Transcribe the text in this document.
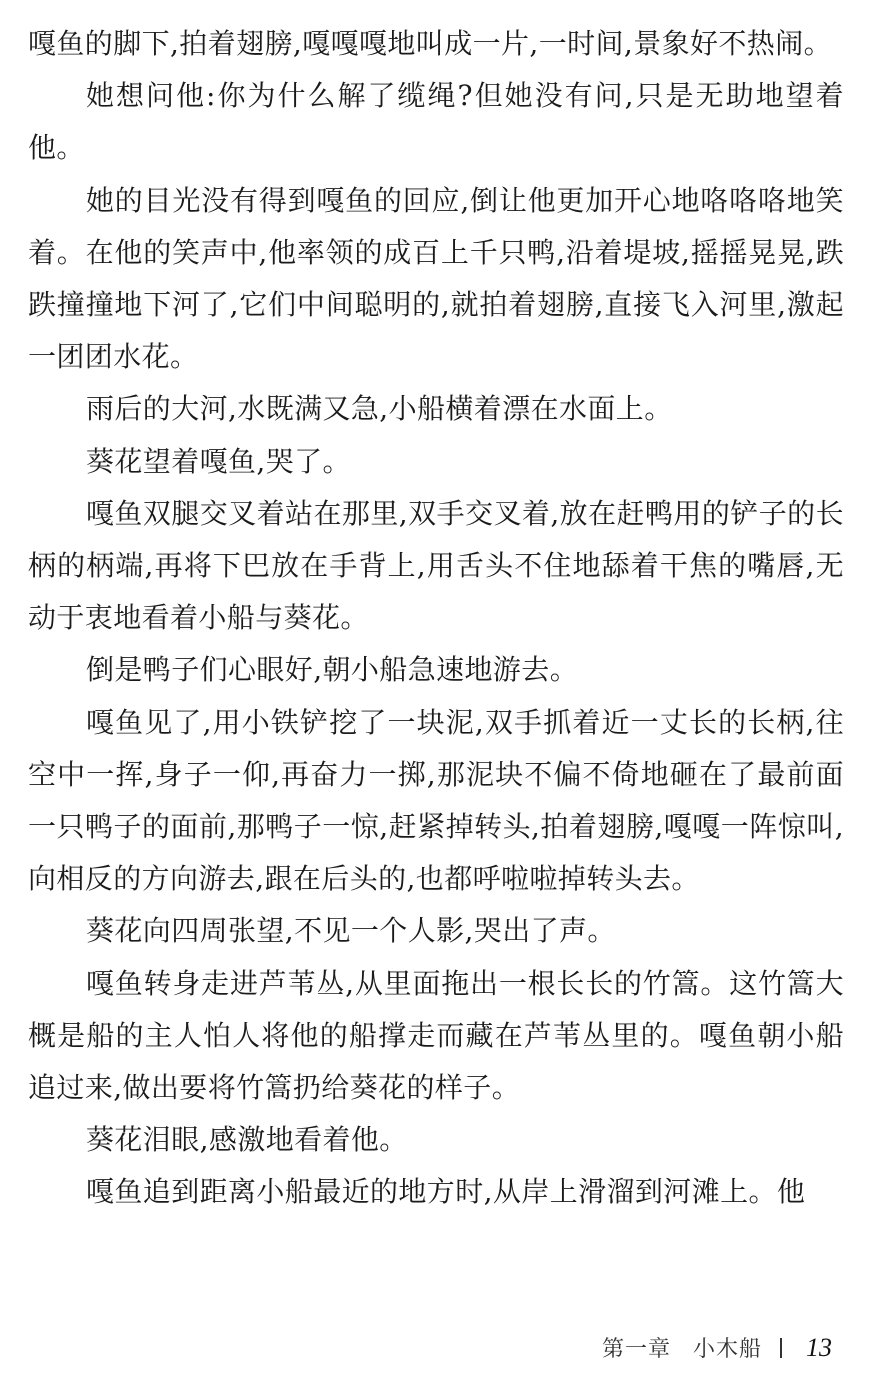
嘎鱼的脚下,拍着翅膀,嘎嘎嘎地叫成一片,一时间,景象好不热闹。

她想问他:你为什么解了缆绳?但她没有问,只是无助地望着他。

她的目光没有得到嘎鱼的回应,倒让他更加开心地咯咯咯地笑着。在他的笑声中,他率领的成百上千只鸭,沿着堤坡,摇摇晃晃,跌跌撞撞地下河了,它们中间聪明的,就拍着翅膀,直接飞入河里,激起一团团水花。

雨后的大河,水既满又急,小船横着漂在水面上。

葵花望着嘎鱼,哭了。

嘎鱼双腿交叉着站在那里,双手交叉着,放在赶鸭用的铲子的长柄的柄端,再将下巴放在手背上,用舌头不住地舔着干焦的嘴唇,无动于衷地看着小船与葵花。

倒是鸭子们心眼好,朝小船急速地游去。

嘎鱼见了,用小铁铲挖了一块泥,双手抓着近一丈长的长柄,往空中一挥,身子一仰,再奋力一掷,那泥块不偏不倚地砸在了最前面一只鸭子的面前,那鸭子一惊,赶紧掉转头,拍着翅膀,嘎嘎一阵惊叫,向相反的方向游去,跟在后头的,也都呼啦啦掉转头去。

葵花向四周张望,不见一个人影,哭出了声。

嘎鱼转身走进芦苇丛,从里面拖出一根长长的竹篙。这竹篙大概是船的主人怕人将他的船撑走而藏在芦苇丛里的。嘎鱼朝小船追过来,做出要将竹篙扔给葵花的样子。

葵花泪眼,感激地看着他。

嘎鱼追到距离小船最近的地方时,从岸上滑溜到河滩上。他

第一章 小木船 13
